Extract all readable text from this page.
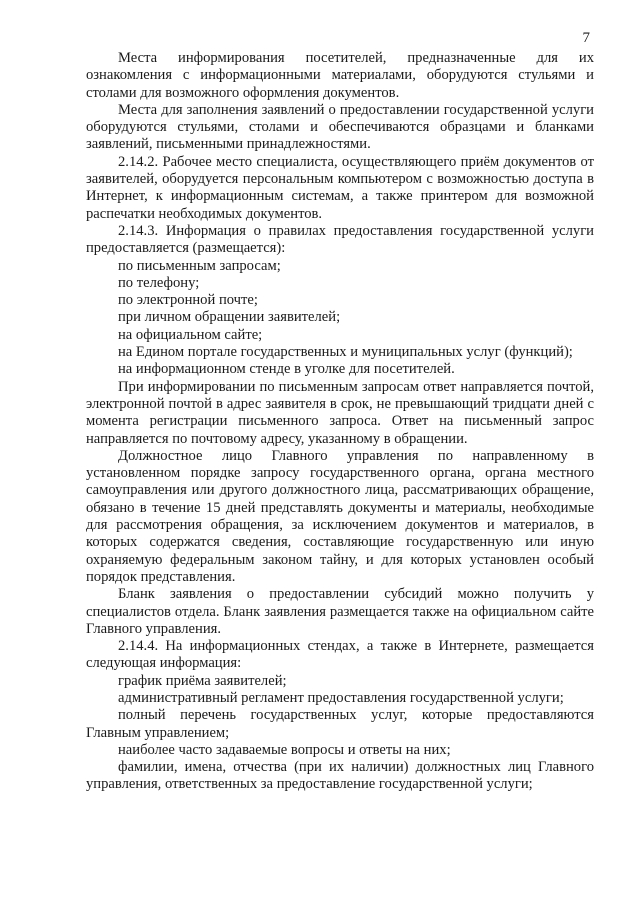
7

Места информирования посетителей, предназначенные для их ознакомления с информационными материалами, оборудуются стульями и столами для возможного оформления документов.

Места для заполнения заявлений о предоставлении государственной услуги оборудуются стульями, столами и обеспечиваются образцами и бланками заявлений, письменными принадлежностями.

2.14.2. Рабочее место специалиста, осуществляющего приём документов от заявителей, оборудуется персональным компьютером с возможностью доступа в Интернет, к информационным системам, а также принтером для возможной распечатки необходимых документов.

2.14.3. Информация о правилах предоставления государственной услуги предоставляется (размещается):

по письменным запросам;

по телефону;

по электронной почте;

при личном обращении заявителей;

на официальном сайте;

на Едином портале государственных и муниципальных услуг (функций);

на информационном стенде в уголке для посетителей.

При информировании по письменным запросам ответ направляется почтой, электронной почтой в адрес заявителя в срок, не превышающий тридцати дней с момента регистрации письменного запроса. Ответ на письменный запрос направляется по почтовому адресу, указанному в обращении.

Должностное лицо Главного управления по направленному в установленном порядке запросу государственного органа, органа местного самоуправления или другого должностного лица, рассматривающих обращение, обязано в течение 15 дней представлять документы и материалы, необходимые для рассмотрения обращения, за исключением документов и материалов, в которых содержатся сведения, составляющие государственную или иную охраняемую федеральным законом тайну, и для которых установлен особый порядок представления.

Бланк заявления о предоставлении субсидий можно получить у специалистов отдела. Бланк заявления размещается также на официальном сайте Главного управления.

2.14.4. На информационных стендах, а также в Интернете, размещается следующая информация:

график приёма заявителей;

административный регламент предоставления государственной услуги;

полный перечень государственных услуг, которые предоставляются Главным управлением;

наиболее часто задаваемые вопросы и ответы на них;

фамилии, имена, отчества (при их наличии) должностных лиц Главного управления, ответственных за предоставление государственной услуги;
